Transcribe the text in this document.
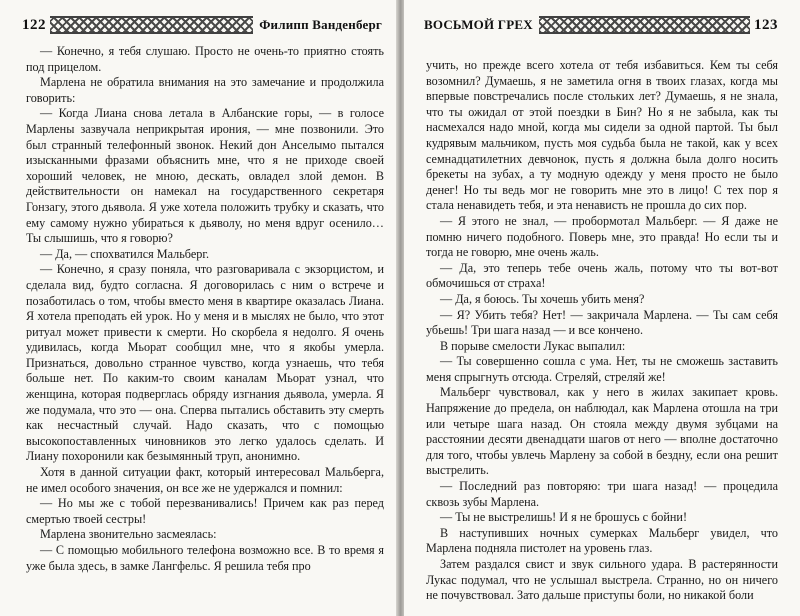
122	Филипп Ванденберг

— Конечно, я тебя слушаю. Просто не очень-то приятно стоять под прицелом.

Марлена не обратила внимания на это замечание и продолжила говорить:

— Когда Лиана снова летала в Албанские горы, — в голосе Марлены зазвучала неприкрытая ирония, — мне позвонили. Это был странный телефонный звонок. Некий дон Анселымо пытался изысканными фразами объяснить мне, что я не приходе своей хороший человек, не мною, дескать, овладел злой демон. В действительности он намекал на государственного секретаря Гонзагу, этого дьявола. Я уже хотела положить трубку и сказать, что ему самому нужно убираться к дьяволу, но меня вдруг осенило… Ты слышишь, что я говорю?

— Да, — спохватился Мальберг.

— Конечно, я сразу поняла, что разговаривала с экзорцистом, и сделала вид, будто согласна. Я договорилась с ним о встрече и позаботилась о том, чтобы вместо меня в квартире оказалась Лиана. Я хотела преподать ей урок. Но у меня и в мыслях не было, что этот ритуал может привести к смерти. Но скорбела я недолго. Я очень удивилась, когда Мьорат сообщил мне, что я якобы умерла. Признаться, довольно странное чувство, когда узнаешь, что тебя больше нет. По каким-то своим каналам Мьорат узнал, что женщина, которая подверглась обряду изгнания дьявола, умерла. Я же подумала, что это — она. Сперва пытались обставить эту смерть как несчастный случай. Надо сказать, что с помощью высокопоставленных чиновников это легко удалось сделать. И Лиану похоронили как безымянный труп, анонимно.

Хотя в данной ситуации факт, который интересовал Мальберга, не имел особого значения, он все же не удержался и помнил:

— Но мы же с тобой перезванивались! Причем как раз перед смертью твоей сестры!

Марлена звонительно засмеялась:

— С помощью мобильного телефона возможно все. В то время я уже была здесь, в замке Лангфельс. Я решила тебя про

ВОСЬМОЙ ГРЕХ	123

учить, но прежде всего хотела от тебя избавиться. Кем ты себя возомнил? Думаешь, я не заметила огня в твоих глазах, когда мы впервые повстречались после стольких лет? Думаешь, я не знала, что ты ожидал от этой поездки в Бин? Но я не забыла, как ты насмехался надо мной, когда мы сидели за одной партой. Ты был кудрявым мальчиком, пусть моя судьба была не такой, как у всех семнадцатилетних девчонок, пусть я должна была долго носить брекеты на зубах, а ту модную одежду у меня просто не было денег! Но ты ведь мог не говорить мне это в лицо! С тех пор я стала ненавидеть тебя, и эта ненависть не прошла до сих пор.

— Я этого не знал, — пробормотал Мальберг. — Я даже не помню ничего подобного. Поверь мне, это правда! Но если ты и тогда не говорю, мне очень жаль.

— Да, это теперь тебе очень жаль, потому что ты вот-вот обмочишься от страха!

— Да, я боюсь. Ты хочешь убить меня?

— Я? Убить тебя? Нет! — закричала Марлена. — Ты сам себя убьешь! Три шага назад — и все кончено.

В порыве смелости Лукас выпалил:

— Ты совершенно сошла с ума. Нет, ты не сможешь заставить меня спрыгнуть отсюда. Стреляй, стреляй же!

Мальберг чувствовал, как у него в жилах закипает кровь. Напряжение до предела, он наблюдал, как Марлена отошла на три или четыре шага назад. Он стояла между двумя зубцами на расстоянии десяти двенадцати шагов от него — вполне достаточно для того, чтобы увлечь Марлену за собой в бездну, если она решит выстрелить.

— Последний раз повторяю: три шага назад! — процедила сквозь зубы Марлена.

— Ты не выстрелишь! И я не брошусь с бойни!

В наступивших ночных сумерках Мальберг увидел, что Марлена подняла пистолет на уровень глаз.

Затем раздался свист и звук сильного удара. В растерянности Лукас подумал, что не услышал выстрела. Странно, но он ничего не почувствовал. Зато дальше приступы боли, но никакой боли
